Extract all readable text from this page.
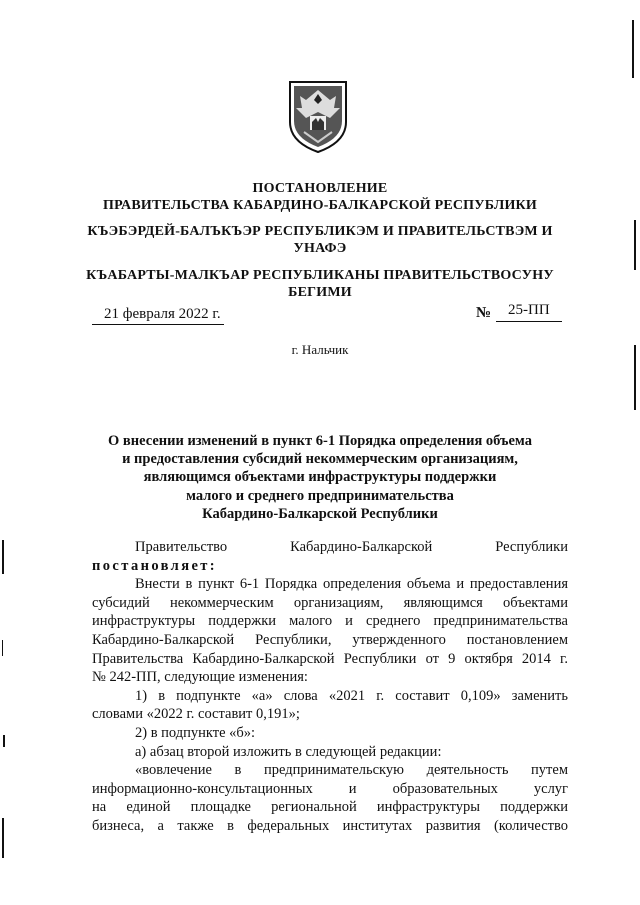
ПОСТАНОВЛЕНИЕ
ПРАВИТЕЛЬСТВА КАБАРДИНО-БАЛКАРСКОЙ РЕСПУБЛИКИ
КЪЭБЭРДЕЙ-БАЛЪКЪЭР РЕСПУБЛИКЭМ И ПРАВИТЕЛЬСТВЭМ И
УНАФЭ
КЪАБАРТЫ-МАЛКЪАР РЕСПУБЛИКАНЫ ПРАВИТЕЛЬСТВОСУНУ
БЕГИМИ
21 февраля 2022 г.	№ 25-ПП
г. Нальчик
О внесении изменений в пункт 6-1 Порядка определения объема
и предоставления субсидий некоммерческим организациям,
являющимся объектами инфраструктуры поддержки
малого и среднего предпринимательства
Кабардино-Балкарской Республики
Правительство Кабардино-Балкарской Республики
постановляет:
Внести в пункт 6-1 Порядка определения объема и предоставления
субсидий некоммерческим организациям, являющимся объектами
инфраструктуры поддержки малого и среднего предпринимательства
Кабардино-Балкарской Республики, утвержденного постановлением
Правительства Кабардино-Балкарской Республики от 9 октября 2014 г.
№ 242-ПП, следующие изменения:
1) в подпункте «а» слова «2021 г. составит 0,109» заменить
словами «2022 г. составит 0,191»;
2) в подпункте «б»:
а) абзац второй изложить в следующей редакции:
«вовлечение в предпринимательскую деятельность путем
информационно-консультационных и образовательных услуг
на единой площадке региональной инфраструктуры поддержки
бизнеса, а также в федеральных институтах развития (количество
